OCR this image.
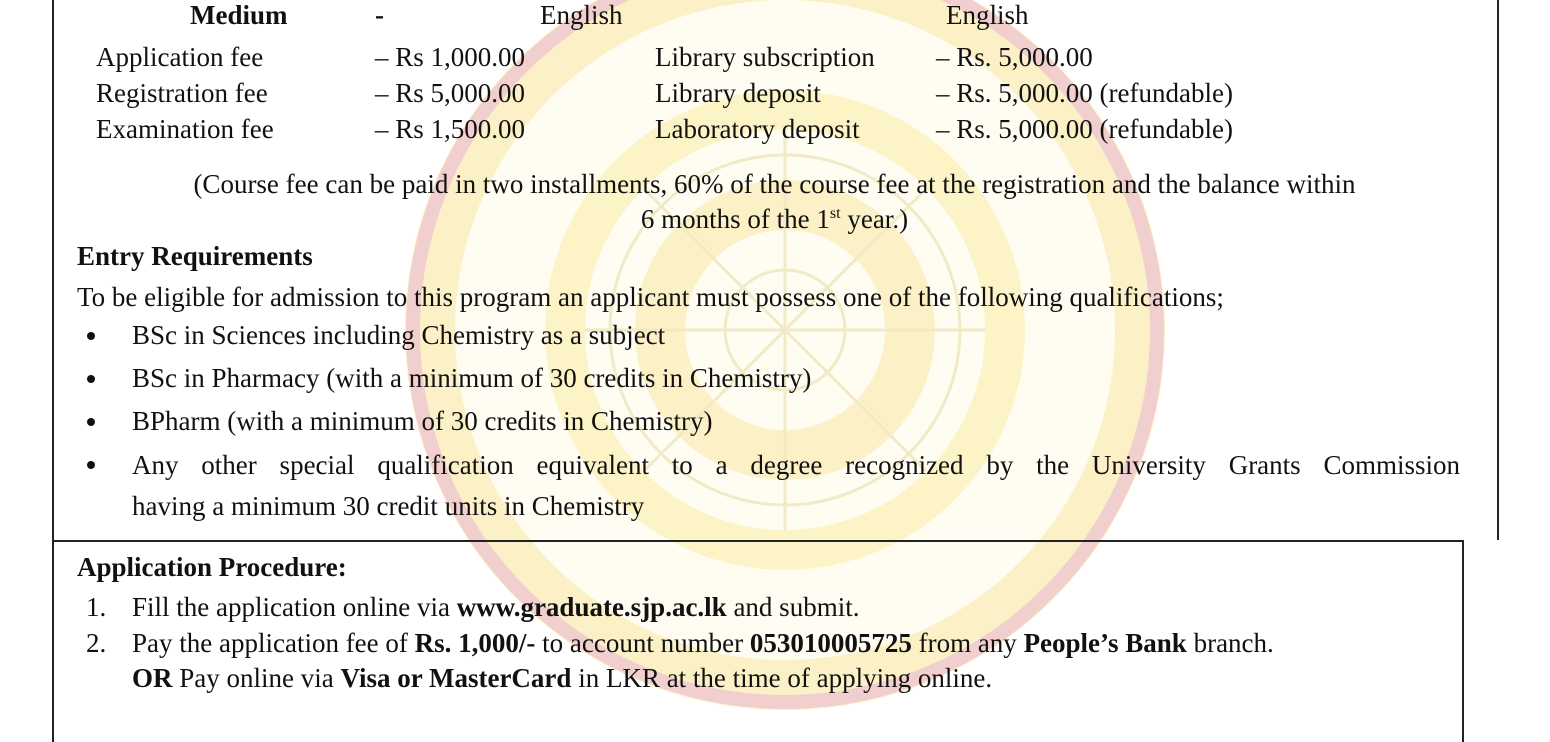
Medium	-	English	English
Application fee	– Rs 1,000.00	Library subscription – Rs. 5,000.00
Registration fee	– Rs 5,000.00	Library deposit	– Rs. 5,000.00 (refundable)
Examination fee	– Rs 1,500.00	Laboratory deposit	– Rs. 5,000.00 (refundable)
(Course fee can be paid in two installments, 60% of the course fee at the registration and the balance within
6 months of the 1st year.)
Entry Requirements
To be eligible for admission to this program an applicant must possess one of the following qualifications;
BSc in Sciences including Chemistry as a subject
BSc in Pharmacy (with a minimum of 30 credits in Chemistry)
BPharm (with a minimum of 30 credits in Chemistry)
Any other special qualification equivalent to a degree recognized by the University Grants Commission
having a minimum 30 credit units in Chemistry
Application Procedure:
1. Fill the application online via www.graduate.sjp.ac.lk and submit.
2. Pay the application fee of Rs. 1,000/- to account number 053010005725 from any People’s Bank branch.
OR Pay online via Visa or MasterCard in LKR at the time of applying online.
